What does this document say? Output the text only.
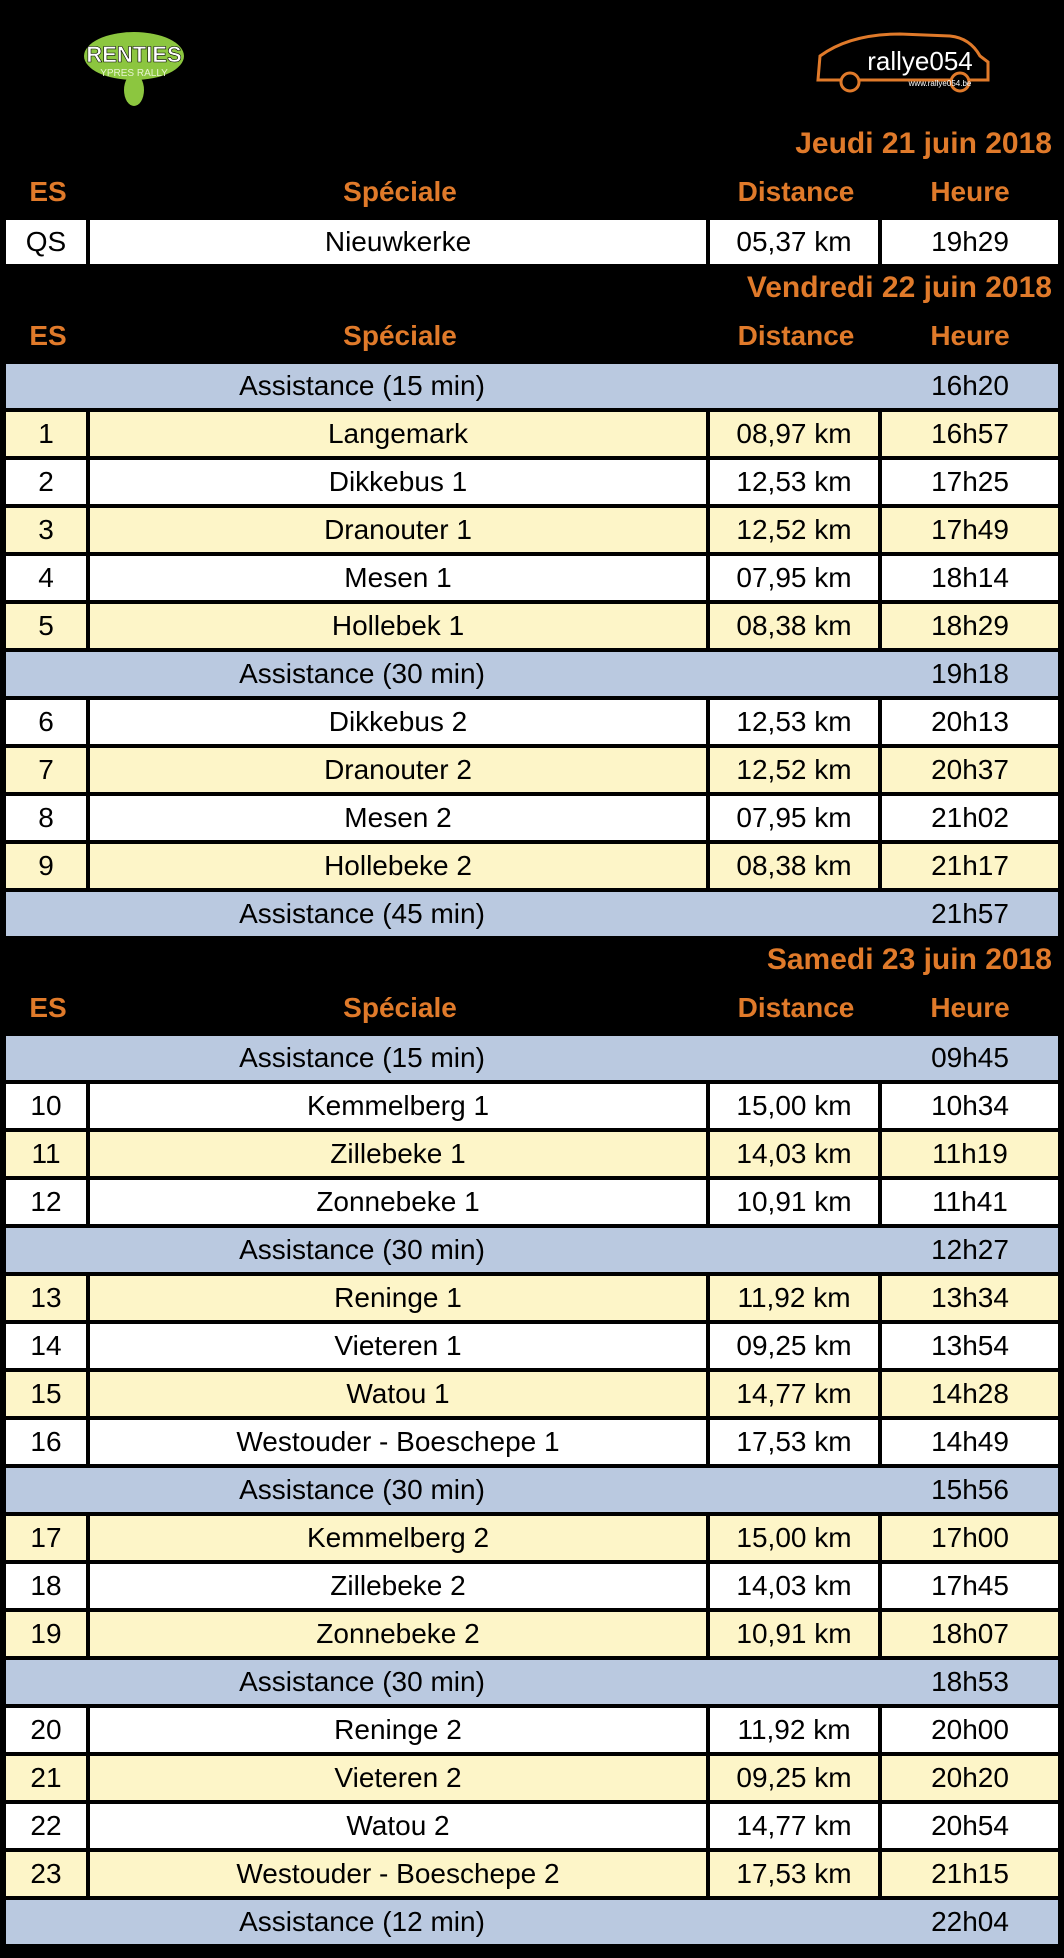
RENTIES
YPRES RALLY	rallye054
www.rallye054.be
Jeudi 21 juin 2018
ES	Spéciale	Distance	Heure
QS	Nieuwkerke	05,37 km	19h29
Vendredi 22 juin 2018
ES	Spéciale	Distance	Heure
Assistance (15 min)	16h20
1	Langemark	08,97 km	16h57
2	Dikkebus 1	12,53 km	17h25
3	Dranouter 1	12,52 km	17h49
4	Mesen 1	07,95 km	18h14
5	Hollebek 1	08,38 km	18h29
Assistance (30 min)	19h18
6	Dikkebus 2	12,53 km	20h13
7	Dranouter 2	12,52 km	20h37
8	Mesen 2	07,95 km	21h02
9	Hollebeke 2	08,38 km	21h17
Assistance (45 min)	21h57
Samedi 23 juin 2018
ES	Spéciale	Distance	Heure
Assistance (15 min)	09h45
10	Kemmelberg 1	15,00 km	10h34
11	Zillebeke 1	14,03 km	11h19
12	Zonnebeke 1	10,91 km	11h41
Assistance (30 min)	12h27
13	Reninge 1	11,92 km	13h34
14	Vieteren 1	09,25 km	13h54
15	Watou 1	14,77 km	14h28
16	Westouder - Boeschepe 1	17,53 km	14h49
Assistance (30 min)	15h56
17	Kemmelberg 2	15,00 km	17h00
18	Zillebeke 2	14,03 km	17h45
19	Zonnebeke 2	10,91 km	18h07
Assistance (30 min)	18h53
20	Reninge 2	11,92 km	20h00
21	Vieteren 2	09,25 km	20h20
22	Watou 2	14,77 km	20h54
23	Westouder - Boeschepe 2	17,53 km	21h15
Assistance (12 min)	22h04
